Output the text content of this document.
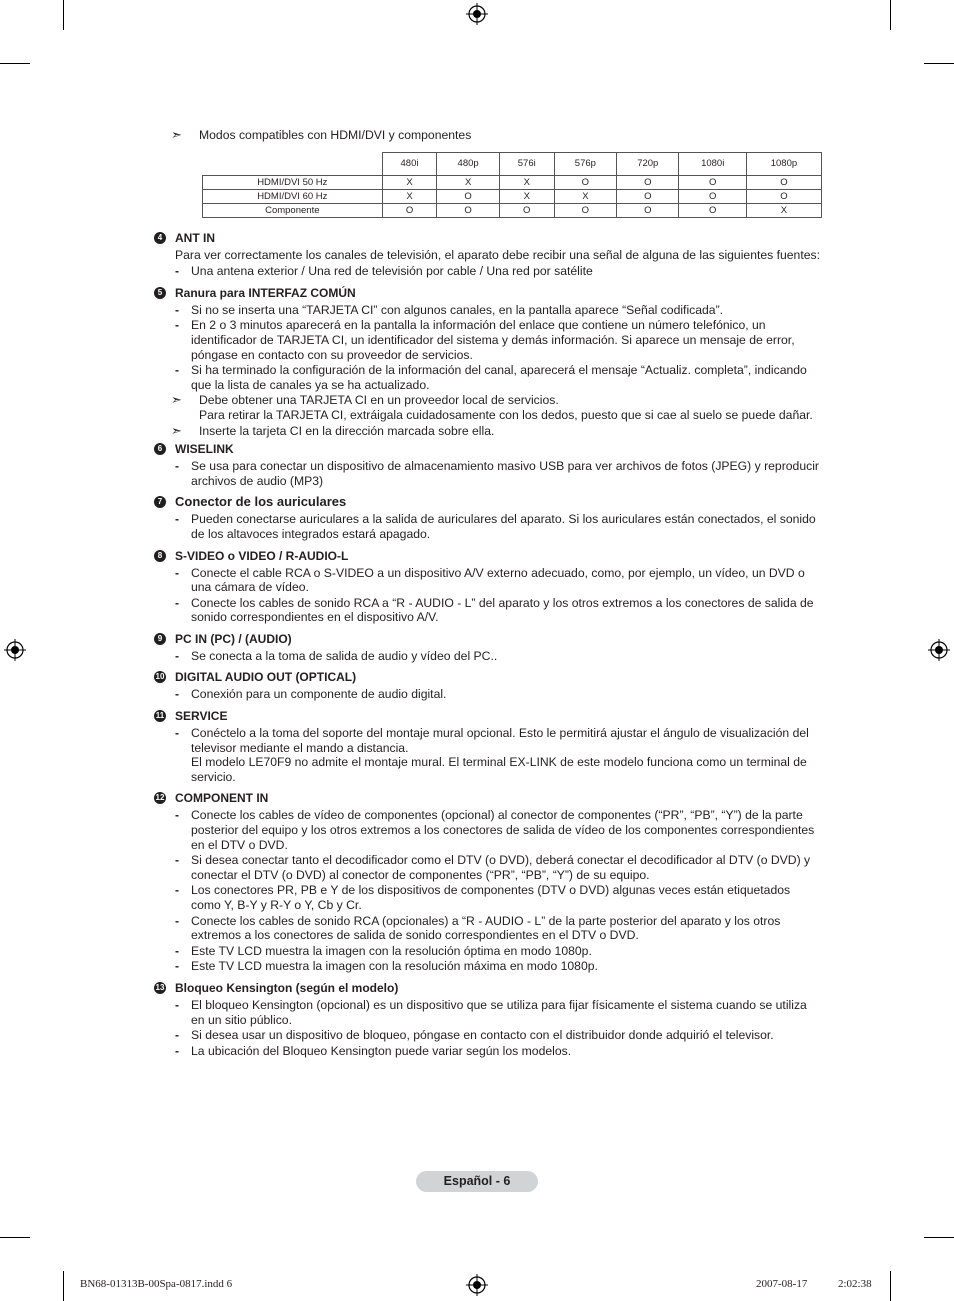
➣ Modos compatibles con HDMI/DVI y componentes

	480i	480p	576i	576p	720p	1080i	1080p
HDMI/DVI 50 Hz	X	X	X	O	O	O	O
HDMI/DVI 60 Hz	X	O	X	X	O	O	O
Componente	O	O	O	O	O	O	X
4	ANT IN

Para ver correctamente los canales de televisión, el aparato debe recibir una señal de alguna de las siguientes fuentes:

- Una antena exterior / Una red de televisión por cable / Una red por satélite
5	Ranura para INTERFAZ COMÚN
- Si no se inserta una “TARJETA CI” con algunos canales, en la pantalla aparece “Señal codificada”.
- En 2 o 3 minutos aparecerá en la pantalla la información del enlace que contiene un número telefónico, un identificador de TARJETA CI, un identificador del sistema y demás información. Si aparece un mensaje de error, póngase en contacto con su proveedor de servicios.
- Si ha terminado la configuración de la información del canal, aparecerá el mensaje “Actualiz. completa”, indicando que la lista de canales ya se ha actualizado.
➣ Debe obtener una TARJETA CI en un proveedor local de servicios.
Para retirar la TARJETA CI, extráigala cuidadosamente con los dedos, puesto que si cae al suelo se puede dañar.
➣ Inserte la tarjeta CI en la dirección marcada sobre ella.
6	WISELINK
- Se usa para conectar un dispositivo de almacenamiento masivo USB para ver archivos de fotos (JPEG) y reproducir archivos de audio (MP3)
7 Conector de los auriculares
- Pueden conectarse auriculares a la salida de auriculares del aparato. Si los auriculares están conectados, el sonido de los altavoces integrados estará apagado.
8	S-VIDEO o VIDEO / R-AUDIO-L
- Conecte el cable RCA o S-VIDEO a un dispositivo A/V externo adecuado, como, por ejemplo, un vídeo, un DVD o una cámara de vídeo.
- Conecte los cables de sonido RCA a “R - AUDIO - L” del aparato y los otros extremos a los conectores de salida de sonido correspondientes en el dispositivo A/V.
9	PC IN (PC) / (AUDIO)
- Se conecta a la toma de salida de audio y vídeo del PC..
10 DIGITAL AUDIO OUT (OPTICAL)
- Conexión para un componente de audio digital.
11 SERVICE
- Conéctelo a la toma del soporte del montaje mural opcional. Esto le permitirá ajustar el ángulo de visualización del televisor mediante el mando a distancia.
El modelo LE70F9 no admite el montaje mural. El terminal EX-LINK de este modelo funciona como un terminal de servicio.
12 COMPONENT IN
- Conecte los cables de vídeo de componentes (opcional) al conector de componentes (“PR”, “PB”, “Y”) de la parte posterior del equipo y los otros extremos a los conectores de salida de vídeo de los componentes correspondientes en el DTV o DVD.
- Si desea conectar tanto el decodificador como el DTV (o DVD), deberá conectar el decodificador al DTV (o DVD) y conectar el DTV (o DVD) al conector de componentes (“PR”, “PB”, “Y”) de su equipo.
- Los conectores PR, PB e Y de los dispositivos de componentes (DTV o DVD) algunas veces están etiquetados como Y, B-Y y R-Y o Y, Cb y Cr.
- Conecte los cables de sonido RCA (opcionales) a “R - AUDIO - L” de la parte posterior del aparato y los otros extremos a los conectores de salida de sonido correspondientes en el DTV o DVD.
- Este TV LCD muestra la imagen con la resolución óptima en modo 1080p.
- Este TV LCD muestra la imagen con la resolución máxima en modo 1080p.
13 Bloqueo Kensington (según el modelo)
- El bloqueo Kensington (opcional) es un dispositivo que se utiliza para fijar físicamente el sistema cuando se utiliza en un sitio público.
- Si desea usar un dispositivo de bloqueo, póngase en contacto con el distribuidor donde adquirió el televisor.
- La ubicación del Bloqueo Kensington puede variar según los modelos.
Español - 6
BN68-01313B-00Spa-0817.indd 6	2007-08-17	2:02:38
